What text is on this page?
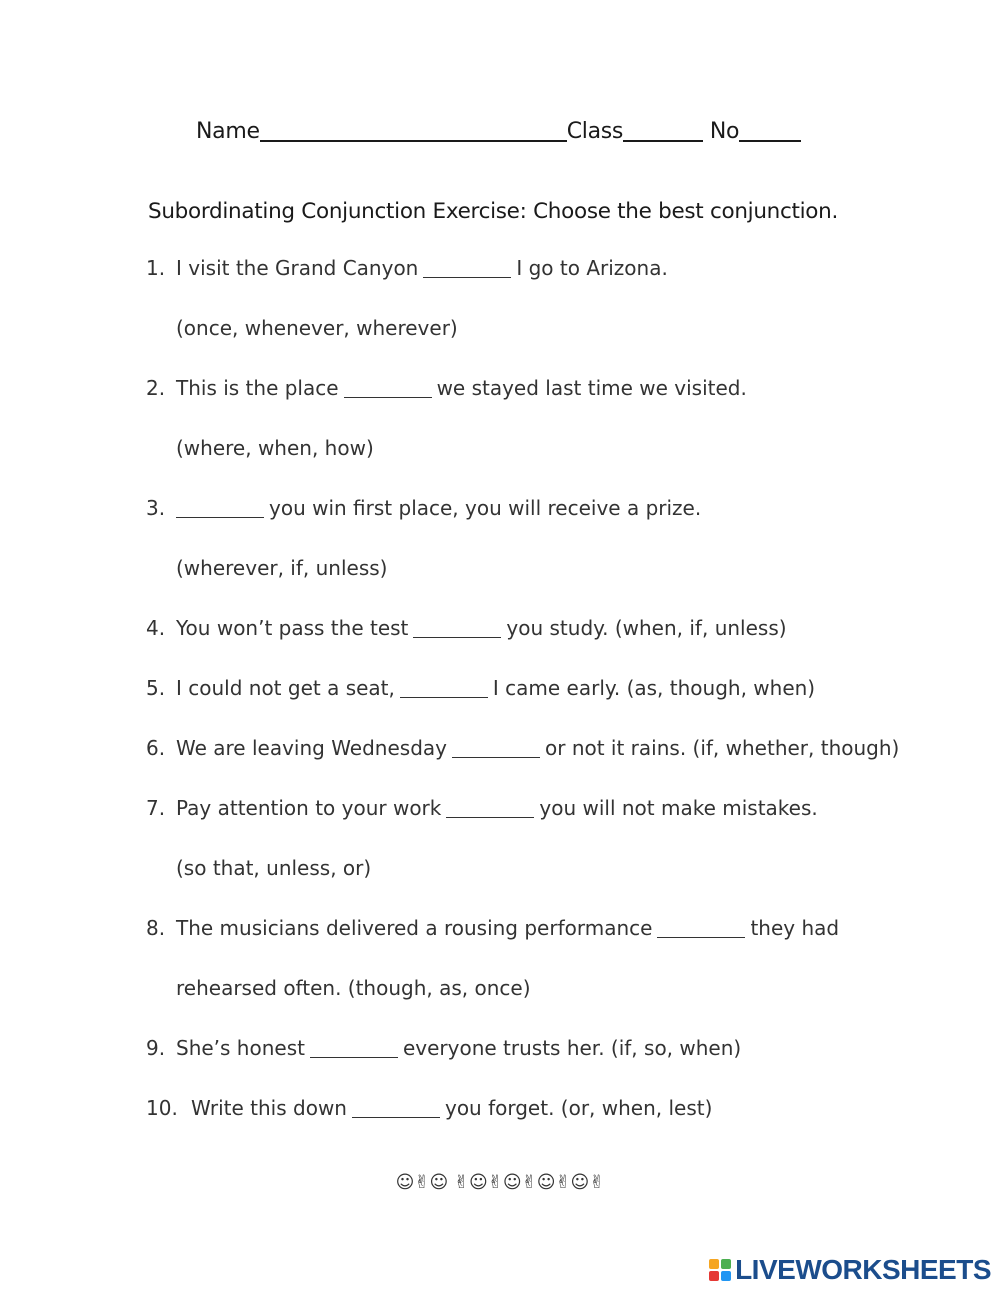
Name	Class	No
Subordinating Conjunction Exercise: Choose the best conjunction.
1. I visit the Grand Canyon	I go to Arizona.
(once, whenever, wherever)
2. This is the place	we stayed last time we visited.
(where, when, how)
3.	you win first place, you will receive a prize.
(wherever, if, unless)
4. You won’t pass the test	you study. (when, if, unless)
5. I could not get a seat,	I came early. (as, though, when)
6. We are leaving Wednesday	or not it rains. (if, whether, though)
7. Pay attention to your work	you will not make mistakes.
(so that, unless, or)
8. The musicians delivered a rousing performance	they had
rehearsed often. (though, as, once)
9. She’s honest	everyone trusts her. (if, so, when)
10. Write this down	you forget. (or, when, lest)
☺✌☺ ✌☺✌☺✌☺✌☺✌
LIVEWORKSHEETS
